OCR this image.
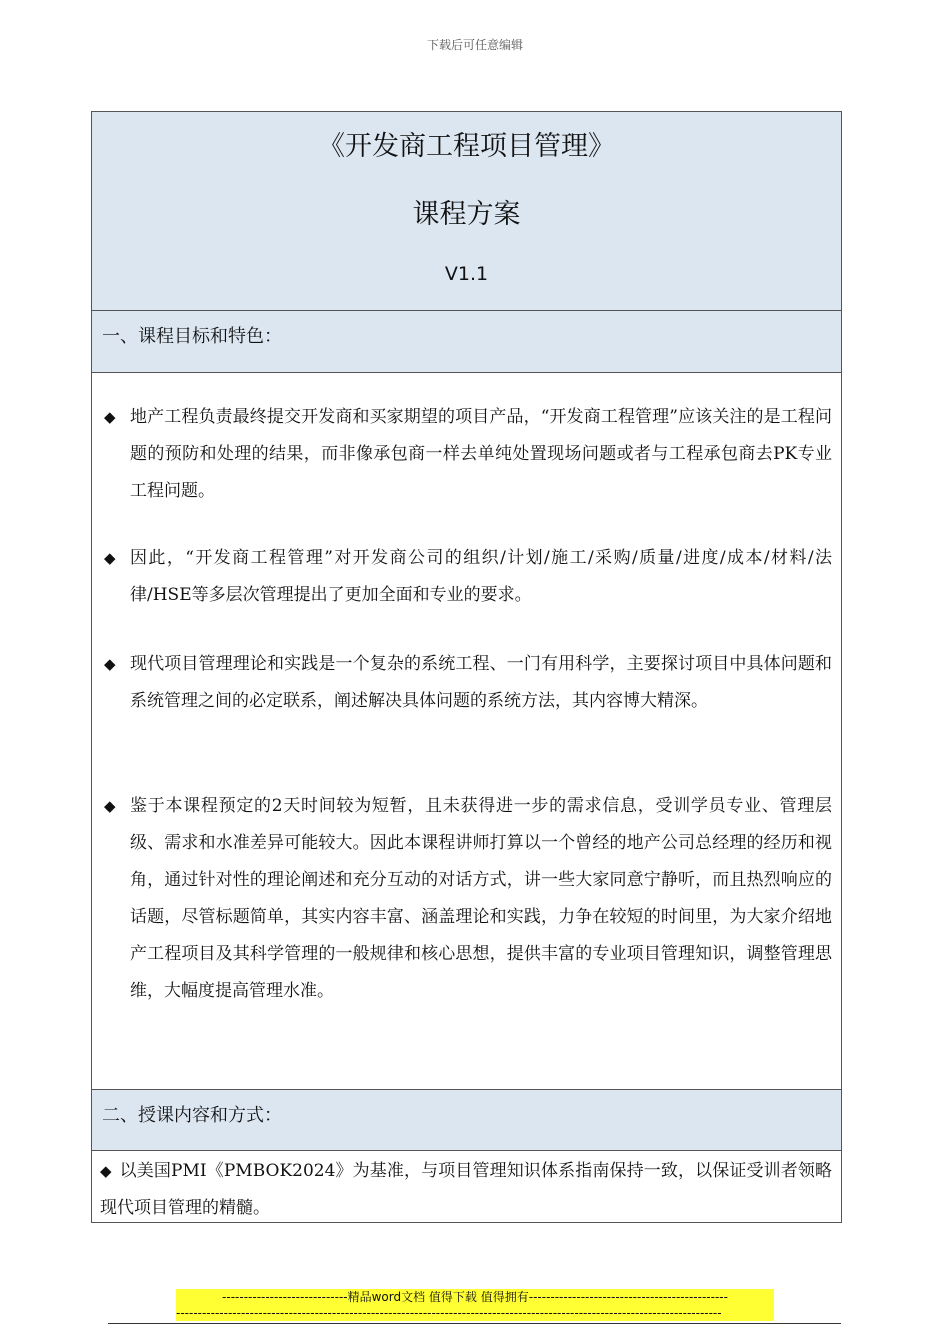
下载后可任意编辑
《开发商工程项目管理》
课程方案
V1.1
一、课程目标和特色：
◆ 地产工程负责最终提交开发商和买家期望的项目产品，“开发商工程管理”应该关注的是工程问题的预防和处理的结果，而非像承包商一样去单纯处置现场问题或者与工程承包商去PK专业工程问题。
◆ 因此，“开发商工程管理”对开发商公司的组织/计划/施工/采购/质量/进度/成本/材料/法律/HSE等多层次管理提出了更加全面和专业的要求。
◆ 现代项目管理理论和实践是一个复杂的系统工程、一门有用科学，主要探讨项目中具体问题和系统管理之间的必定联系，阐述解决具体问题的系统方法，其内容博大精深。
◆ 鉴于本课程预定的2天时间较为短暂，且未获得进一步的需求信息，受训学员专业、管理层级、需求和水准差异可能较大。因此本课程讲师打算以一个曾经的地产公司总经理的经历和视角，通过针对性的理论阐述和充分互动的对话方式，讲一些大家同意宁静听，而且热烈响应的话题，尽管标题简单，其实内容丰富、涵盖理论和实践，力争在较短的时间里，为大家介绍地产工程项目及其科学管理的一般规律和核心思想，提供丰富的专业项目管理知识，调整管理思维，大幅度提高管理水准。
二、授课内容和方式：
◆ 以美国PMI《PMBOK2024》为基准，与项目管理知识体系指南保持一致，以保证受训者领略现代项目管理的精髓。
-----------------------------精品word文档 值得下载 值得拥有----------------------------------------------
------------------------------------------------------------------------------------------------------------------------------
